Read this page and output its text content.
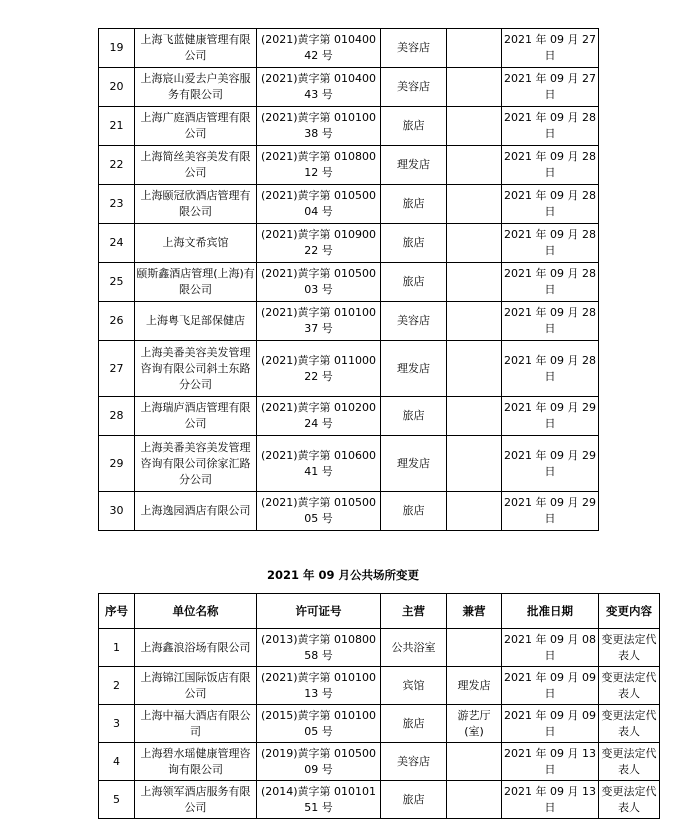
19	上海飞蓝健康管理有限公司	(2021)黄字第 01040042 号	美容店		2021 年 09 月 27 日
20	上海宸山爱去户美容服务有限公司	(2021)黄字第 01040043 号	美容店		2021 年 09 月 27 日
21	上海广庭酒店管理有限公司	(2021)黄字第 01010038 号	旅店		2021 年 09 月 28 日
22	上海简丝美容美发有限公司	(2021)黄字第 01080012 号	理发店		2021 年 09 月 28 日
23	上海颐冠欣酒店管理有限公司	(2021)黄字第 01050004 号	旅店		2021 年 09 月 28 日
24	上海文希宾馆	(2021)黄字第 01090022 号	旅店		2021 年 09 月 28 日
25	颐斯鑫酒店管理(上海)有限公司	(2021)黄字第 01050003 号	旅店		2021 年 09 月 28 日
26	上海粤飞足部保健店	(2021)黄字第 01010037 号	美容店		2021 年 09 月 28 日
27	上海美番美容美发管理咨询有限公司斜土东路分公司	(2021)黄字第 01100022 号	理发店		2021 年 09 月 28 日
28	上海瑞庐酒店管理有限公司	(2021)黄字第 01020024 号	旅店		2021 年 09 月 29 日
29	上海美番美容美发管理咨询有限公司徐家汇路分公司	(2021)黄字第 01060041 号	理发店		2021 年 09 月 29 日
30	上海逸园酒店有限公司	(2021)黄字第 01050005 号	旅店		2021 年 09 月 29 日
2021 年 09 月公共场所变更
序号	单位名称	许可证号	主营	兼营	批准日期	变更内容
1	上海鑫浪浴场有限公司	(2013)黄字第 01080058 号	公共浴室		2021 年 09 月 08 日	变更法定代表人
2	上海锦江国际饭店有限公司	(2021)黄字第 01010013 号	宾馆	理发店	2021 年 09 月 09 日	变更法定代表人
3	上海中福大酒店有限公司	(2015)黄字第 01010005 号	旅店	游艺厅(室)	2021 年 09 月 09 日	变更法定代表人
4	上海碧水瑶健康管理咨询有限公司	(2019)黄字第 01050009 号	美容店		2021 年 09 月 13 日	变更法定代表人
5	上海领军酒店服务有限公司	(2014)黄字第 01010151 号	旅店		2021 年 09 月 13 日	变更法定代表人
